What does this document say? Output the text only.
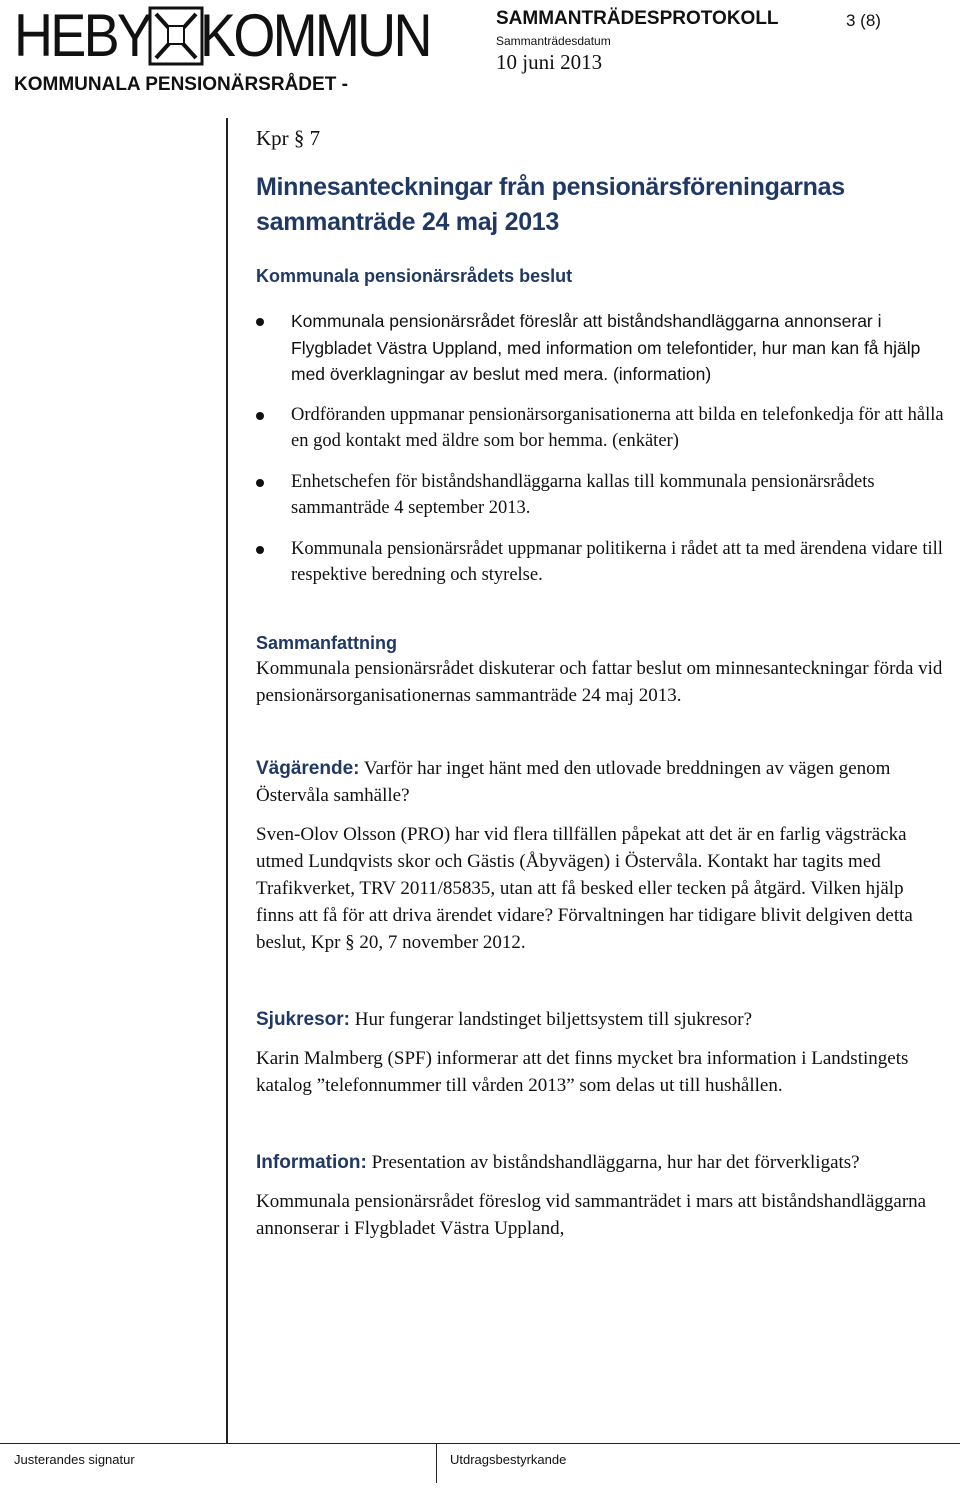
HEBY KOMMUN	SAMMANTRÄDESPROTOKOLL	3 (8)
Sammanträdesdatum
10 juni 2013
KOMMUNALA PENSIONÄRSRÅDET -

Kpr § 7

Minnesanteckningar från pensionärsföreningarnas sammanträde 24 maj 2013
Kommunala pensionärsrådets beslut
Kommunala pensionärsrådet föreslår att biståndshandläggarna annonserar i Flygbladet Västra Uppland, med information om telefontider, hur man kan få hjälp med överklagningar av beslut med mera. (information)
Ordföranden uppmanar pensionärsorganisationerna att bilda en telefonkedja för att hålla en god kontakt med äldre som bor hemma. (enkäter)
Enhetschefen för biståndshandläggarna kallas till kommunala pensionärsrådets sammanträde 4 september 2013.
Kommunala pensionärsrådet uppmanar politikerna i rådet att ta med ärendena vidare till respektive beredning och styrelse.
Sammanfattning

Kommunala pensionärsrådet diskuterar och fattar beslut om minnesanteckningar förda vid pensionärsorganisationernas sammanträde 24 maj 2013.

Vägärende: Varför har inget hänt med den utlovade breddningen av vägen genom Östervåla samhälle?

Sven-Olov Olsson (PRO) har vid flera tillfällen påpekat att det är en farlig vägsträcka utmed Lundqvists skor och Gästis (Åbyvägen) i Östervåla. Kontakt har tagits med Trafikverket, TRV 2011/85835, utan att få besked eller tecken på åtgärd. Vilken hjälp finns att få för att driva ärendet vidare? Förvaltningen har tidigare blivit delgiven detta beslut, Kpr § 20, 7 november 2012.

Sjukresor: Hur fungerar landstinget biljettsystem till sjukresor?

Karin Malmberg (SPF) informerar att det finns mycket bra information i Landstingets katalog ”telefonnummer till vården 2013” som delas ut till hushållen.

Information: Presentation av biståndshandläggarna, hur har det förverkligats?

Kommunala pensionärsrådet föreslog vid sammanträdet i mars att biståndshandläggarna annonserar i Flygbladet Västra Uppland,

Justerandes signatur	Utdragsbestyrkande
